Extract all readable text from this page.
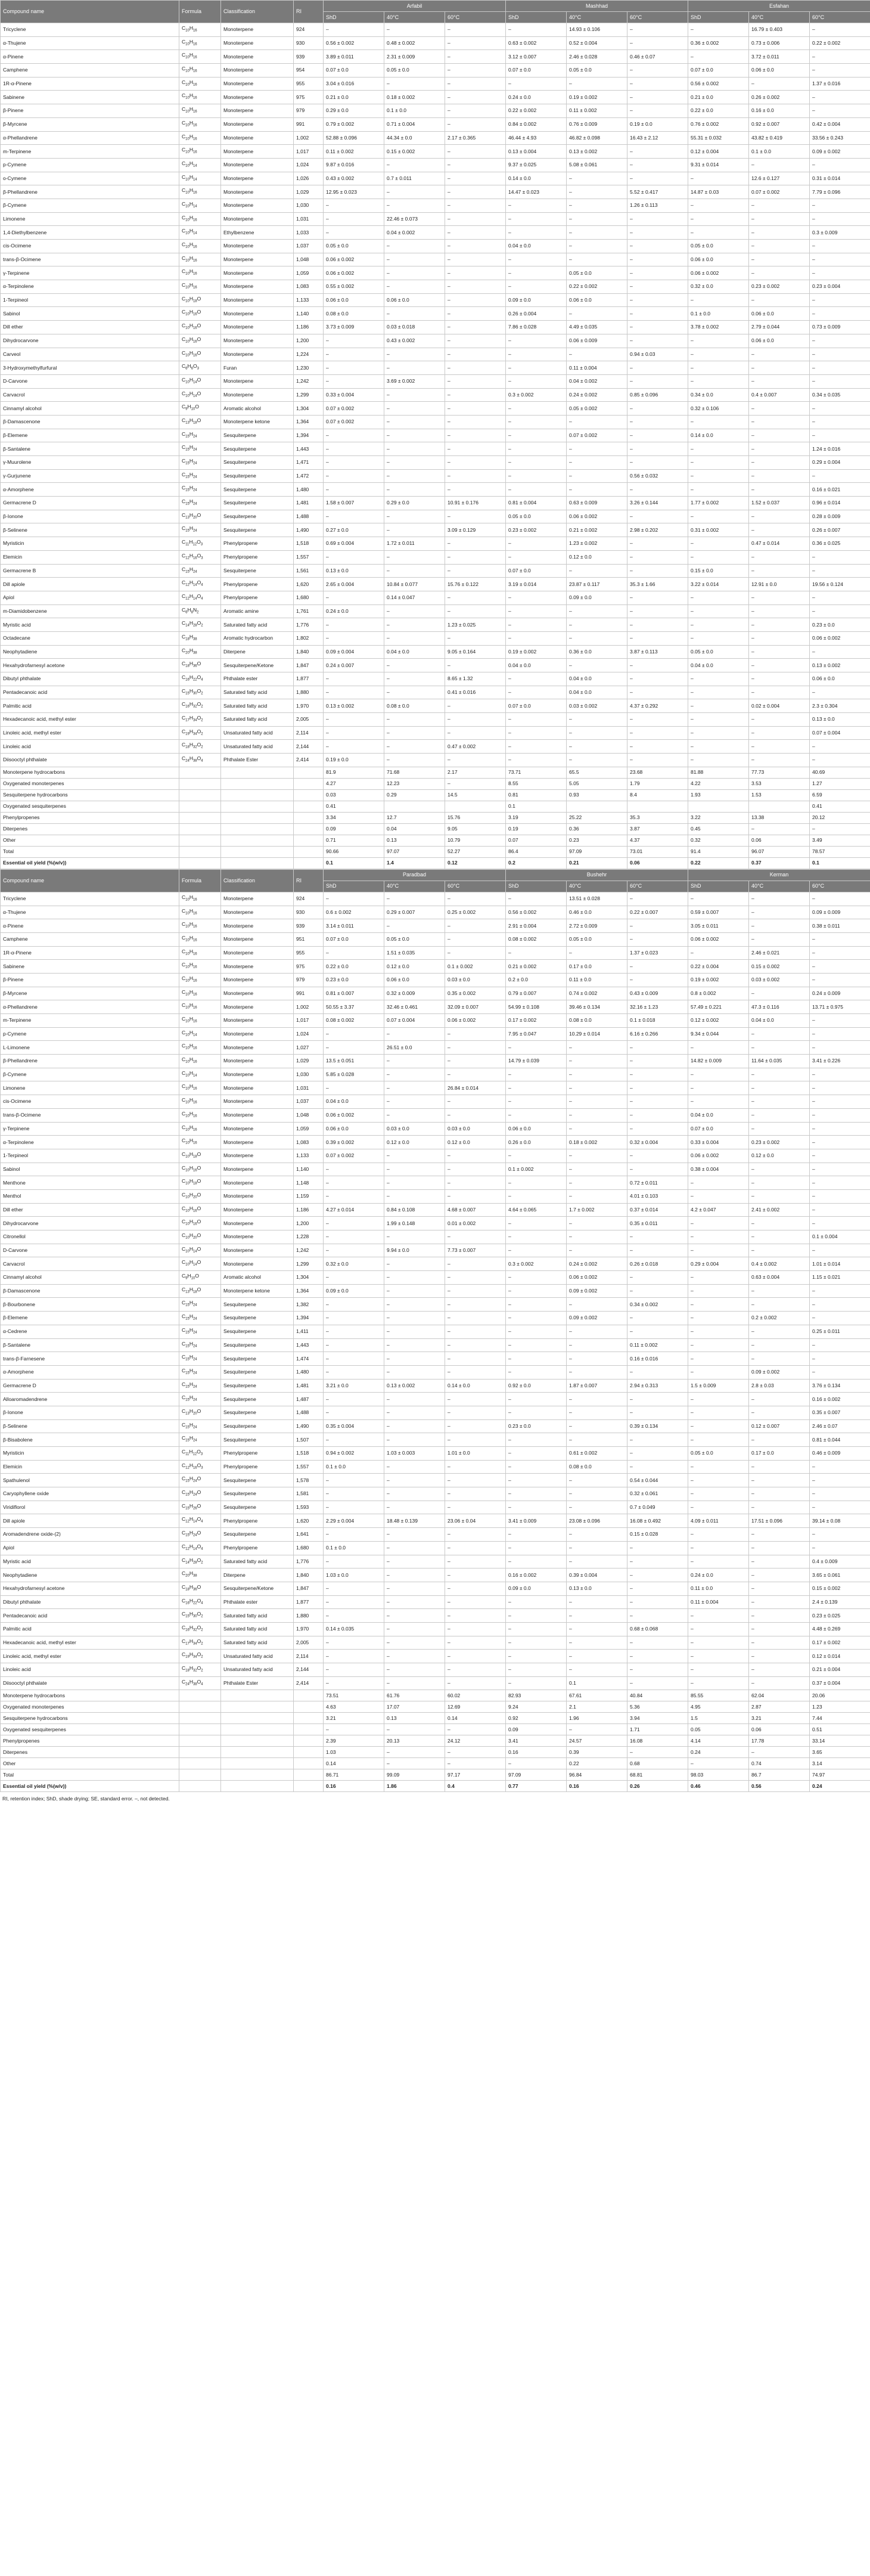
Compound name	Formula	Classification	RI	Arfabil			Mashhad			Esfahan		
				ShD	40°C	60°C	ShD	40°C	60°C	ShD	40°C	60°C
Tricyclene	$C_{10}H_{16}$	Monoterpene	924	–	–	–	–	14.93 ± 0.106	–	–	16.79 ± 0.403	–
α-Thujene	$C_{10}H_{16}$	Monoterpene	930	0.56 ± 0.002	0.48 ± 0.002	–	0.63 ± 0.002	0.52 ± 0.004	–	0.36 ± 0.002	0.73 ± 0.006	0.22 ± 0.002
α-Pinene	$C_{10}H_{16}$	Monoterpene	939	3.89 ± 0.011	2.31 ± 0.009	–	3.12 ± 0.007	2.46 ± 0.028	0.46 ± 0.07	–	3.72 ± 0.011	–
Camphene	$C_{10}H_{16}$	Monoterpene	954	0.07 ± 0.0	0.05 ± 0.0	–	0.07 ± 0.0	0.05 ± 0.0	–	0.07 ± 0.0	0.06 ± 0.0	–
1R-α-Pinene	$C_{10}H_{16}$	Monoterpene	955	3.04 ± 0.016	–	–	–	–	–	0.56 ± 0.002	–	1.37 ± 0.016
Sabinene	$C_{10}H_{16}$	Monoterpene	975	0.21 ± 0.0	0.18 ± 0.002	–	0.24 ± 0.0	0.19 ± 0.002	–	0.21 ± 0.0	0.26 ± 0.002	–
β-Pinene	$C_{10}H_{16}$	Monoterpene	979	0.29 ± 0.0	0.1 ± 0.0	–	0.22 ± 0.002	0.11 ± 0.002	–	0.22 ± 0.0	0.16 ± 0.0	–
β-Myrcene	$C_{10}H_{16}$	Monoterpene	991	0.79 ± 0.002	0.71 ± 0.004	–	0.84 ± 0.002	0.76 ± 0.009	0.19 ± 0.0	0.76 ± 0.002	0.92 ± 0.007	0.42 ± 0.004
α-Phellandrene	$C_{10}H_{16}$	Monoterpene	1,002	52.88 ± 0.096	44.34 ± 0.0	2.17 ± 0.365	46.44 ± 4.93	46.82 ± 0.098	16.43 ± 2.12	55.31 ± 0.032	43.82 ± 0.419	33.56 ± 0.243
m-Terpinene	$C_{10}H_{16}$	Monoterpene	1,017	0.11 ± 0.002	0.15 ± 0.002	–	0.13 ± 0.004	0.13 ± 0.002	–	0.12 ± 0.004	0.1 ± 0.0	0.09 ± 0.002
p-Cymene	$C_{10}H_{14}$	Monoterpene	1,024	9.87 ± 0.016	–	–	9.37 ± 0.025	5.08 ± 0.061	–	9.31 ± 0.014	–	–
o-Cymene	$C_{10}H_{14}$	Monoterpene	1,026	0.43 ± 0.002	0.7 ± 0.011	–	0.14 ± 0.0	–	–	–	12.6 ± 0.127	0.31 ± 0.014
β-Phellandrene	$C_{10}H_{16}$	Monoterpene	1,029	12.95 ± 0.023	–	–	14.47 ± 0.023	–	5.52 ± 0.417	14.87 ± 0.03	0.07 ± 0.002	7.79 ± 0.096
β-Cymene	$C_{10}H_{14}$	Monoterpene	1,030	–	–	–	–	–	1.26 ± 0.113	–	–	–
Limonene	$C_{10}H_{16}$	Monoterpene	1,031	–	22.46 ± 0.073	–	–	–	–	–	–	–
1,4-Diethylbenzene	$C_{10}H_{14}$	Ethylbenzene	1,033	–	0.04 ± 0.002	–	–	–	–	–	–	0.3 ± 0.009
cis-Ocimene	$C_{10}H_{16}$	Monoterpene	1,037	0.05 ± 0.0	–	–	0.04 ± 0.0	–	–	0.05 ± 0.0	–	–
trans-β-Ocimene	$C_{10}H_{16}$	Monoterpene	1,048	0.06 ± 0.002	–	–	–	–	–	0.06 ± 0.0	–	–
γ-Terpinene	$C_{10}H_{16}$	Monoterpene	1,059	0.06 ± 0.002	–	–	–	0.05 ± 0.0	–	0.06 ± 0.002	–	–
α-Terpinolene	$C_{10}H_{16}$	Monoterpene	1,083	0.55 ± 0.002	–	–	–	0.22 ± 0.002	–	0.32 ± 0.0	0.23 ± 0.002	0.23 ± 0.004
1-Terpineol	$C_{10}H_{18}O$	Monoterpene	1,133	0.06 ± 0.0	0.06 ± 0.0	–	0.09 ± 0.0	0.06 ± 0.0	–	–	–	–
Sabinol	$C_{10}H_{16}O$	Monoterpene	1,140	0.08 ± 0.0	–	–	0.26 ± 0.004	–	–	0.1 ± 0.0	0.06 ± 0.0	–
Dill ether	$C_{10}H_{16}O$	Monoterpene	1,186	3.73 ± 0.009	0.03 ± 0.018	–	7.86 ± 0.028	4.49 ± 0.035	–	3.78 ± 0.002	2.79 ± 0.044	0.73 ± 0.009
Dihydrocarvone	$C_{10}H_{16}O$	Monoterpene	1,200	–	0.43 ± 0.002	–	–	0.06 ± 0.009	–	–	0.06 ± 0.0	–
Carveol	$C_{10}H_{16}O$	Monoterpene	1,224	–	–	–	–	–	0.94 ± 0.03	–	–	–
3-Hydroxymethylfurfural	$C_6H_6O_3$	Furan	1,230	–	–	–	–	0.11 ± 0.004	–	–	–	–
D-Carvone	$C_{10}H_{14}O$	Monoterpene	1,242	–	3.69 ± 0.002	–	–	0.04 ± 0.002	–	–	–	–
Carvacrol	$C_{10}H_{14}O$	Monoterpene	1,299	0.33 ± 0.004	–	–	0.3 ± 0.002	0.24 ± 0.002	0.85 ± 0.096	0.34 ± 0.0	0.4 ± 0.007	0.34 ± 0.035
Cinnamyl alcohol	$C_9H_{10}O$	Aromatic alcohol	1,304	0.07 ± 0.002	–	–	–	0.05 ± 0.002	–	0.32 ± 0.106	–	–
β-Damascenone	$C_{13}H_{18}O$	Monoterpene ketone	1,364	0.07 ± 0.002	–	–	–	–	–	–	–	–
β-Elemene	$C_{15}H_{24}$	Sesquiterpene	1,394	–	–	–	–	0.07 ± 0.002	–	0.14 ± 0.0	–	–
β-Santalene	$C_{15}H_{24}$	Sesquiterpene	1,443	–	–	–	–	–	–	–	–	1.24 ± 0.016
γ-Muurolene	$C_{15}H_{24}$	Sesquiterpene	1,471	–	–	–	–	–	–	–	–	0.29 ± 0.004
γ-Gurjunene	$C_{15}H_{24}$	Sesquiterpene	1,472	–	–	–	–	–	0.56 ± 0.032	–	–	–
α-Amorphene	$C_{15}H_{24}$	Sesquiterpene	1,480	–	–	–	–	–	–	–	–	0.16 ± 0.021
Germacrene D	$C_{15}H_{24}$	Sesquiterpene	1,481	1.58 ± 0.007	0.29 ± 0.0	10.91 ± 0.176	0.81 ± 0.004	0.63 ± 0.009	3.26 ± 0.144	1.77 ± 0.002	1.52 ± 0.037	0.96 ± 0.014
β-Ionone	$C_{13}H_{20}O$	Sesquiterpene	1,488	–	–	–	0.05 ± 0.0	0.06 ± 0.002	–	–	–	0.28 ± 0.009
β-Selinene	$C_{15}H_{24}$	Sesquiterpene	1,490	0.27 ± 0.0	–	3.09 ± 0.129	0.23 ± 0.002	0.21 ± 0.002	2.98 ± 0.202	0.31 ± 0.002	–	0.26 ± 0.007
Myristicin	$C_{11}H_{12}O_3$	Phenylpropene	1,518	0.69 ± 0.004	1.72 ± 0.011	–	–	1.23 ± 0.002	–	–	0.47 ± 0.014	0.36 ± 0.025
Elemicin	$C_{12}H_{16}O_3$	Phenylpropene	1,557	–	–	–	–	0.12 ± 0.0	–	–	–	–
Germacrene B	$C_{15}H_{24}$	Sesquiterpene	1,561	0.13 ± 0.0	–	–	0.07 ± 0.0	–	–	0.15 ± 0.0	–	–
Dill apiole	$C_{12}H_{14}O_4$	Phenylpropene	1,620	2.65 ± 0.004	10.84 ± 0.077	15.76 ± 0.122	3.19 ± 0.014	23.87 ± 0.117	35.3 ± 1.66	3.22 ± 0.014	12.91 ± 0.0	19.56 ± 0.124
Apiol	$C_{12}H_{14}O_4$	Phenylpropene	1,680	–	0.14 ± 0.047	–	–	0.09 ± 0.0	–	–	–	–
m-Diamidobenzene	$C_6H_8N_2$	Aromatic amine	1,761	0.24 ± 0.0	–	–	–	–	–	–	–	–
Myristic acid	$C_{14}H_{28}O_2$	Saturated fatty acid	1,776	–	–	1.23 ± 0.025	–	–	–	–	–	0.23 ± 0.0
Octadecane	$C_{18}H_{38}$	Aromatic hydrocarbon	1,802	–	–	–	–	–	–	–	–	0.06 ± 0.002
Neophytadiene	$C_{20}H_{38}$	Diterpene	1,840	0.09 ± 0.004	0.04 ± 0.0	9.05 ± 0.164	0.19 ± 0.002	0.36 ± 0.0	3.87 ± 0.113	0.05 ± 0.0	–	–
Hexahydrofarnesyl acetone	$C_{18}H_{36}O$	Sesquiterpene/Ketone	1,847	0.24 ± 0.007	–	–	0.04 ± 0.0	–	–	0.04 ± 0.0	–	0.13 ± 0.002
Dibutyl phthalate	$C_{16}H_{22}O_4$	Phthalate ester	1,877	–	–	8.65 ± 1.32	–	0.04 ± 0.0	–	–	–	0.06 ± 0.0
Pentadecanoic acid	$C_{15}H_{30}O_2$	Saturated fatty acid	1,880	–	–	0.41 ± 0.016	–	0.04 ± 0.0	–	–	–	–
Palmitic acid	$C_{16}H_{32}O_2$	Saturated fatty acid	1,970	0.13 ± 0.002	0.08 ± 0.0	–	0.07 ± 0.0	0.03 ± 0.002	4.37 ± 0.292	–	0.02 ± 0.004	2.3 ± 0.304
Hexadecanoic acid, methyl ester	$C_{17}H_{34}O_2$	Saturated fatty acid	2,005	–	–	–	–	–	–	–	–	0.13 ± 0.0
Linoleic acid, methyl ester	$C_{19}H_{34}O_2$	Unsaturated fatty acid	2,114	–	–	–	–	–	–	–	–	0.07 ± 0.004
Linoleic acid	$C_{18}H_{32}O_2$	Unsaturated fatty acid	2,144	–	–	0.47 ± 0.002	–	–	–	–	–	–
Diisooctyl phthalate	$C_{24}H_{38}O_4$	Phthalate Ester	2,414	0.19 ± 0.0	–	–	–	–	–	–	–	–
Monoterpene hydrocarbons				81.9	71.68	2.17	73.71	65.5	23.68	81.88	77.73	40.69
Oxygenated monoterpenes				4.27	12.23	–	8.55	5.05	1.79	4.22	3.53	1.27
Sesquiterpene hydrocarbons				0.03	0.29	14.5	0.81	0.93	8.4	1.93	1.53	6.59
Oxygenated sesquiterpenes				0.41			0.1					0.41
Phenylpropenes				3.34	12.7	15.76	3.19	25.22	35.3	3.22	13.38	20.12
Diterpenes				0.09	0.04	9.05	0.19	0.36	3.87	0.45	–	–
Other				0.71	0.13	10.79	0.07	0.23	4.37	0.32	0.06	3.49
Total				90.66	97.07	52.27	86.4	97.09	73.01	91.4	96.07	78.57
Essential oil yield (%(w/v))				0.1	1.4	0.12	0.2	0.21	0.06	0.22	0.37	0.1
Compound name	Formula	Classification	RI	Paradbad			Bushehr			Kerman		
				ShD	40°C	60°C	ShD	40°C	60°C	ShD	40°C	60°C
Tricyclene	$C_{10}H_{16}$	Monoterpene	924	–	–	–	–	13.51 ± 0.028	–	–	–	–
α-Thujene	$C_{10}H_{16}$	Monoterpene	930	0.6 ± 0.002	0.29 ± 0.007	0.25 ± 0.002	0.56 ± 0.002	0.46 ± 0.0	0.22 ± 0.007	0.59 ± 0.007	–	0.09 ± 0.009
α-Pinene	$C_{10}H_{16}$	Monoterpene	939	3.14 ± 0.011	–	–	2.91 ± 0.004	2.72 ± 0.009	–	3.05 ± 0.011	–	0.38 ± 0.011
Camphene	$C_{10}H_{16}$	Monoterpene	951	0.07 ± 0.0	0.05 ± 0.0	–	0.08 ± 0.002	0.05 ± 0.0	–	0.06 ± 0.002	–	–
1R-α-Pinene	$C_{10}H_{16}$	Monoterpene	955	–	1.51 ± 0.035	–	–	–	1.37 ± 0.023	–	2.46 ± 0.021	–
Sabinene	$C_{10}H_{16}$	Monoterpene	975	0.22 ± 0.0	0.12 ± 0.0	0.1 ± 0.002	0.21 ± 0.002	0.17 ± 0.0	–	0.22 ± 0.004	0.15 ± 0.002	–
β-Pinene	$C_{10}H_{16}$	Monoterpene	979	0.23 ± 0.0	0.06 ± 0.0	0.03 ± 0.0	0.2 ± 0.0	0.11 ± 0.0	–	0.19 ± 0.002	0.03 ± 0.002	–
β-Myrcene	$C_{10}H_{16}$	Monoterpene	991	0.81 ± 0.007	0.32 ± 0.009	0.35 ± 0.002	0.79 ± 0.007	0.74 ± 0.002	0.43 ± 0.009	0.8 ± 0.002	–	0.24 ± 0.009
α-Phellandrene	$C_{10}H_{16}$	Monoterpene	1,002	50.55 ± 3.37	32.46 ± 0.461	32.09 ± 0.007	54.99 ± 0.108	39.46 ± 0.134	32.16 ± 1.23	57.49 ± 0.221	47.3 ± 0.116	13.71 ± 0.975
m-Terpinene	$C_{10}H_{16}$	Monoterpene	1,017	0.08 ± 0.002	0.07 ± 0.004	0.06 ± 0.002	0.17 ± 0.002	0.08 ± 0.0	0.1 ± 0.018	0.12 ± 0.002	0.04 ± 0.0	–
p-Cymene	$C_{10}H_{14}$	Monoterpene	1,024	–	–	–	7.95 ± 0.047	10.29 ± 0.014	6.16 ± 0.266	9.34 ± 0.044	–	–
L-Limonene	$C_{10}H_{16}$	Monoterpene	1,027	–	26.51 ± 0.0	–	–	–	–	–	–	–
β-Phellandrene	$C_{10}H_{16}$	Monoterpene	1,029	13.5 ± 0.051	–	–	14.79 ± 0.039	–	–	14.82 ± 0.009	11.64 ± 0.035	3.41 ± 0.226
β-Cymene	$C_{10}H_{14}$	Monoterpene	1,030	5.85 ± 0.028	–	–	–	–	–	–	–	–
Limonene	$C_{10}H_{16}$	Monoterpene	1,031	–	–	26.84 ± 0.014	–	–	–	–	–	–
cis-Ocimene	$C_{10}H_{16}$	Monoterpene	1,037	0.04 ± 0.0	–	–	–	–	–	–	–	–
trans-β-Ocimene	$C_{10}H_{16}$	Monoterpene	1,048	0.06 ± 0.002	–	–	–	–	–	0.04 ± 0.0	–	–
γ-Terpinene	$C_{10}H_{16}$	Monoterpene	1,059	0.06 ± 0.0	0.03 ± 0.0	0.03 ± 0.0	0.06 ± 0.0	–	–	0.07 ± 0.0	–	–
α-Terpinolene	$C_{10}H_{16}$	Monoterpene	1,083	0.39 ± 0.002	0.12 ± 0.0	0.12 ± 0.0	0.26 ± 0.0	0.18 ± 0.002	0.32 ± 0.004	0.33 ± 0.004	0.23 ± 0.002	–
1-Terpineol	$C_{10}H_{18}O$	Monoterpene	1,133	0.07 ± 0.002	–	–	–	–	–	0.06 ± 0.002	0.12 ± 0.0	–
Sabinol	$C_{10}H_{16}O$	Monoterpene	1,140	–	–	–	0.1 ± 0.002	–	–	0.38 ± 0.004	–	–
Menthone	$C_{10}H_{18}O$	Monoterpene	1,148	–	–	–	–	–	0.72 ± 0.011	–	–	–
Menthol	$C_{10}H_{20}O$	Monoterpene	1,159	–	–	–	–	–	4.01 ± 0.103	–	–	–
Dill ether	$C_{10}H_{16}O$	Monoterpene	1,186	4.27 ± 0.014	0.84 ± 0.108	4.68 ± 0.007	4.64 ± 0.065	1.7 ± 0.002	0.37 ± 0.014	4.2 ± 0.047	2.41 ± 0.002	–
Dihydrocarvone	$C_{10}H_{16}O$	Monoterpene	1,200	–	1.99 ± 0.148	0.01 ± 0.002	–	–	0.35 ± 0.011	–	–	–
Citronellol	$C_{10}H_{20}O$	Monoterpene	1,228	–	–	–	–	–	–	–	–	0.1 ± 0.004
D-Carvone	$C_{10}H_{14}O$	Monoterpene	1,242	–	9.94 ± 0.0	7.73 ± 0.007	–	–	–	–	–	–
Carvacrol	$C_{10}H_{14}O$	Monoterpene	1,299	0.32 ± 0.0	–	–	0.3 ± 0.002	0.24 ± 0.002	0.26 ± 0.018	0.29 ± 0.004	0.4 ± 0.002	1.01 ± 0.014
Cinnamyl alcohol	$C_9H_{10}O$	Aromatic alcohol	1,304	–	–	–	–	0.06 ± 0.002	–	–	0.63 ± 0.004	1.15 ± 0.021
β-Damascenone	$C_{13}H_{18}O$	Monoterpene ketone	1,364	0.09 ± 0.0	–	–	–	0.09 ± 0.002	–	–	–	–
β-Bourbonene	$C_{15}H_{24}$	Sesquiterpene	1,382	–	–	–	–	–	0.34 ± 0.002	–	–	–
β-Elemene	$C_{15}H_{24}$	Sesquiterpene	1,394	–	–	–	–	0.09 ± 0.002	–	–	0.2 ± 0.002	–
α-Cedrene	$C_{15}H_{24}$	Sesquiterpene	1,411	–	–	–	–	–	–	–	–	0.25 ± 0.011
β-Santalene	$C_{15}H_{24}$	Sesquiterpene	1,443	–	–	–	–	–	0.11 ± 0.002	–	–	–
trans-β-Farnesene	$C_{15}H_{24}$	Sesquiterpene	1,474	–	–	–	–	–	0.16 ± 0.016	–	–	–
α-Amorphene	$C_{15}H_{24}$	Sesquiterpene	1,480	–	–	–	–	–	–	–	0.09 ± 0.002	–
Germacrene D	$C_{15}H_{24}$	Sesquiterpene	1,481	3.21 ± 0.0	0.13 ± 0.002	0.14 ± 0.0	0.92 ± 0.0	1.87 ± 0.007	2.94 ± 0.313	1.5 ± 0.009	2.8 ± 0.03	3.76 ± 0.134
Alloaromadendrene	$C_{15}H_{24}$	Sesquiterpene	1,487	–	–	–	–	–	–	–	–	0.16 ± 0.002
β-Ionone	$C_{13}H_{20}O$	Sesquiterpene	1,488	–	–	–	–	–	–	–	–	0.35 ± 0.007
β-Selinene	$C_{15}H_{24}$	Sesquiterpene	1,490	0.35 ± 0.004	–	–	0.23 ± 0.0	–	0.39 ± 0.134	–	0.12 ± 0.007	2.46 ± 0.07
β-Bisabolene	$C_{15}H_{24}$	Sesquiterpene	1,507	–	–	–	–	–	–	–	–	0.81 ± 0.044
Myristicin	$C_{11}H_{12}O_3$	Phenylpropene	1,518	0.94 ± 0.002	1.03 ± 0.003	1.01 ± 0.0	–	0.61 ± 0.002	–	0.05 ± 0.0	0.17 ± 0.0	0.46 ± 0.009
Elemicin	$C_{12}H_{16}O_3$	Phenylpropene	1,557	0.1 ± 0.0	–	–	–	0.08 ± 0.0	–	–	–	–
Spathulenol	$C_{15}H_{24}O$	Sesquiterpene	1,578	–	–	–	–	–	0.54 ± 0.044	–	–	–
Caryophyllene oxide	$C_{15}H_{24}O$	Sesquiterpene	1,581	–	–	–	–	–	0.32 ± 0.061	–	–	–
Viridiflorol	$C_{15}H_{26}O$	Sesquiterpene	1,593	–	–	–	–	–	0.7 ± 0.049	–	–	–
Dill apiole	$C_{12}H_{14}O_4$	Phenylpropene	1,620	2.29 ± 0.004	18.48 ± 0.139	23.06 ± 0.04	3.41 ± 0.009	23.08 ± 0.096	16.08 ± 0.492	4.09 ± 0.011	17.51 ± 0.096	39.14 ± 0.08
Aromadendrene oxide-(2)	$C_{15}H_{24}O$	Sesquiterpene	1,641	–	–	–	–	–	0.15 ± 0.028	–	–	–
Apiol	$C_{12}H_{14}O_4$	Phenylpropene	1,680	0.1 ± 0.0	–	–	–	–	–	–	–	–
Myristic acid	$C_{14}H_{28}O_2$	Saturated fatty acid	1,776	–	–	–	–	–	–	–	–	0.4 ± 0.009
Neophytadiene	$C_{20}H_{38}$	Diterpene	1,840	1.03 ± 0.0	–	–	0.16 ± 0.002	0.39 ± 0.004	–	0.24 ± 0.0	–	3.65 ± 0.061
Hexahydrofarnesyl acetone	$C_{18}H_{36}O$	Sesquiterpene/Ketone	1,847	–	–	–	0.09 ± 0.0	0.13 ± 0.0	–	0.11 ± 0.0	–	0.15 ± 0.002
Dibutyl phthalate	$C_{16}H_{22}O_4$	Phthalate ester	1,877	–	–	–	–	–	–	0.11 ± 0.004	–	2.4 ± 0.139
Pentadecanoic acid	$C_{15}H_{30}O_2$	Saturated fatty acid	1,880	–	–	–	–	–	–	–	–	0.23 ± 0.025
Palmitic acid	$C_{16}H_{32}O_2$	Saturated fatty acid	1,970	0.14 ± 0.035	–	–	–	–	0.68 ± 0.068	–	–	4.48 ± 0.269
Hexadecanoic acid, methyl ester	$C_{17}H_{34}O_2$	Saturated fatty acid	2,005	–	–	–	–	–	–	–	–	0.17 ± 0.002
Linoleic acid, methyl ester	$C_{19}H_{34}O_2$	Unsaturated fatty acid	2,114	–	–	–	–	–	–	–	–	0.12 ± 0.014
Linoleic acid	$C_{18}H_{32}O_2$	Unsaturated fatty acid	2,144	–	–	–	–	–	–	–	–	0.21 ± 0.004
Diisooctyl phthalate	$C_{24}H_{38}O_4$	Phthalate Ester	2,414	–	–	–	–	0.1	–	–	–	0.37 ± 0.004
Monoterpene hydrocarbons				73.51	61.76	60.02	82.93	67.61	40.84	85.55	62.04	20.06
Oxygenated monoterpenes				4.63	17.07	12.69	9.24	2.1	5.36	4.95	2.87	1.23
Sesquiterpene hydrocarbons				3.21	0.13	0.14	0.92	1.96	3.94	1.5	3.21	7.44
Oxygenated sesquiterpenes				–	–	–	0.09	–	1.71	0.05	0.06	0.51
Phenylpropenes				2.39	20.13	24.12	3.41	24.57	16.08	4.14	17.78	33.14
Diterpenes				1.03	–	–	0.16	0.39	–	0.24	–	3.65
Other				0.14	–	–	–	0.22	0.68	–	0.74	3.14
Total				86.71	99.09	97.17	97.09	96.84	68.81	98.03	86.7	74.97
Essential oil yield (%(w/v))				0.16	1.86	0.4	0.77	0.16	0.26	0.46	0.56	0.24
RI, retention index; ShD, shade drying; SE, standard error. –, not detected.
